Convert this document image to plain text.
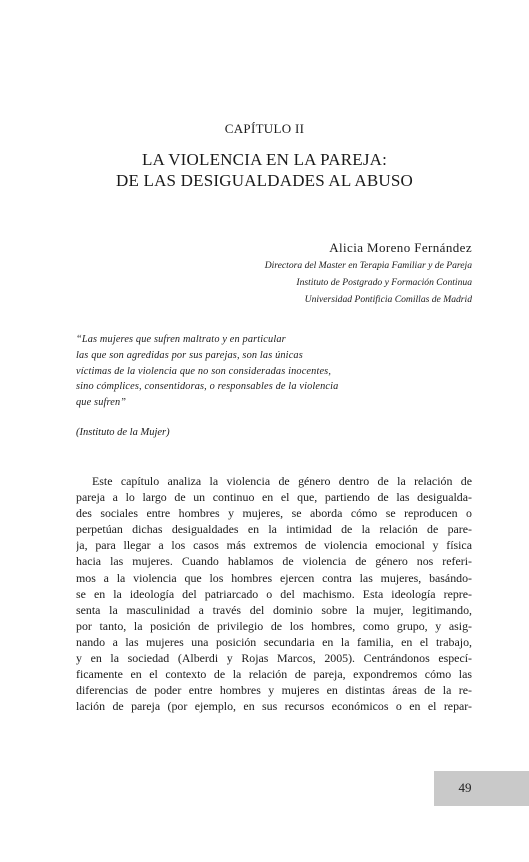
CAPÍTULO II
LA VIOLENCIA EN LA PAREJA:
DE LAS DESIGUALDADES AL ABUSO
Alicia Moreno Fernández
Directora del Master en Terapia Familiar y de Pareja
Instituto de Postgrado y Formación Continua
Universidad Pontificia Comillas de Madrid
“Las mujeres que sufren maltrato y en particular
las que son agredidas por sus parejas, son las únicas
víctimas de la violencia que no son consideradas inocentes,
sino cómplices, consentidoras, o responsables de la violencia
que sufren”
(Instituto de la Mujer)
Este capítulo analiza la violencia de género dentro de la relación de
pareja a lo largo de un continuo en el que, partiendo de las desigualda-
des sociales entre hombres y mujeres, se aborda cómo se reproducen o
perpetúan dichas desigualdades en la intimidad de la relación de pare-
ja, para llegar a los casos más extremos de violencia emocional y física
hacia las mujeres. Cuando hablamos de violencia de género nos referi-
mos a la violencia que los hombres ejercen contra las mujeres, basándo-
se en la ideología del patriarcado o del machismo. Esta ideología repre-
senta la masculinidad a través del dominio sobre la mujer, legitimando,
por tanto, la posición de privilegio de los hombres, como grupo, y asig-
nando a las mujeres una posición secundaria en la familia, en el trabajo,
y en la sociedad (Alberdi y Rojas Marcos, 2005). Centrándonos especí-
ficamente en el contexto de la relación de pareja, expondremos cómo las
diferencias de poder entre hombres y mujeres en distintas áreas de la re-
lación de pareja (por ejemplo, en sus recursos económicos o en el repar-
49
